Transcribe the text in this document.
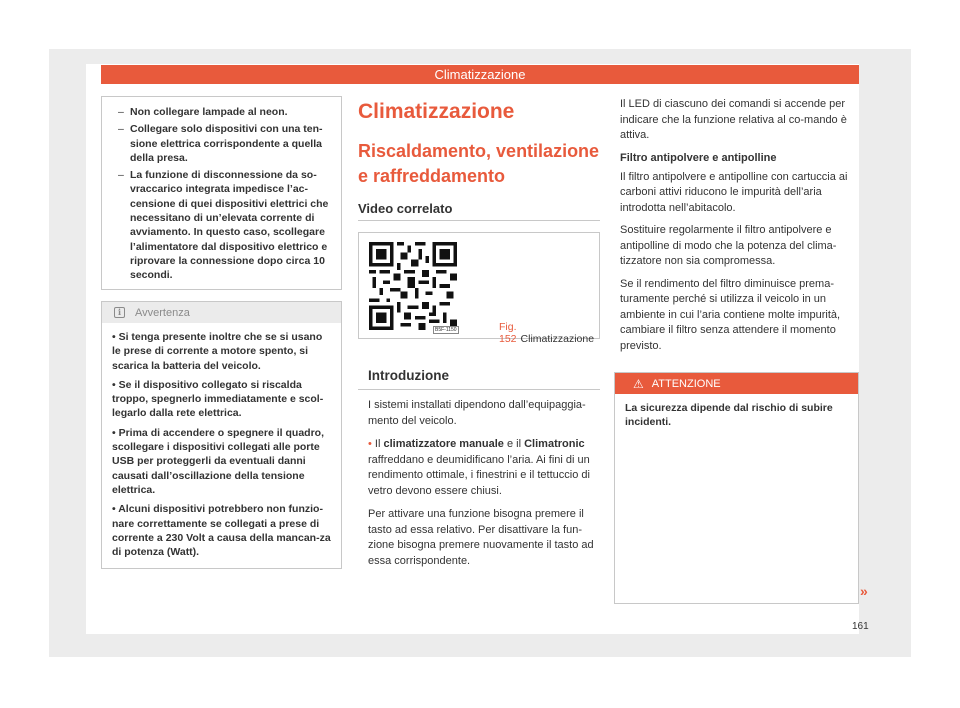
Climatizzazione
– Non collegare lampade al neon.
– Collegare solo dispositivi con una ten-sione elettrica corrispondente a quella della presa.
– La funzione di disconnessione da so-vraccarico integrata impedisce l’ac-censione di quei dispositivi elettrici che necessitano di un’elevata corrente di avviamento. In questo caso, scollegare l’alimentatore dal dispositivo elettrico e riprovare la connessione dopo circa 10 secondi.
i	Avvertenza

• Si tenga presente inoltre che se si usano le prese di corrente a motore spento, si scarica la batteria del veicolo.

• Se il dispositivo collegato si riscalda troppo, spegnerlo immediatamente e scol-legarlo dalla rete elettrica.

• Prima di accendere o spegnere il quadro, scollegare i dispositivi collegati alle porte USB per proteggerli da eventuali danni causati dall’oscillazione della tensione elettrica.

• Alcuni dispositivi potrebbero non funzio-nare correttamente se collegati a prese di corrente a 230 Volt a causa della mancan-za di potenza (Watt).

Climatizzazione
Riscaldamento, ventilazione
e raffreddamento
Video correlato
B5F-1150	Fig. 152 Climatizzazione
Introduzione

I sistemi installati dipendono dall’equipaggia-mento del veicolo.

• Il climatizzatore manuale e il Climatronic raffreddano e deumidificano l’aria. Ai fini di un rendimento ottimale, i finestrini e il tettuccio di vetro devono essere chiusi.

Per attivare una funzione bisogna premere il tasto ad essa relativo. Per disattivare la fun-zione bisogna premere nuovamente il tasto ad essa corrispondente.

Il LED di ciascuno dei comandi si accende per indicare che la funzione relativa al co-mando è attiva.

Filtro antipolvere e antipolline

Il filtro antipolvere e antipolline con cartuccia ai carboni attivi riducono le impurità dell’aria introdotta nell’abitacolo.

Sostituire regolarmente il filtro antipolvere e antipolline di modo che la potenza del clima-tizzatore non sia compromessa.

Se il rendimento del filtro diminuisce prema-turamente perché si utilizza il veicolo in un ambiente in cui l’aria contiene molte impurità, cambiare il filtro senza attendere il momento previsto.

⚠ ATTENZIONE

La sicurezza dipende dal rischio di subire incidenti.

»
161
